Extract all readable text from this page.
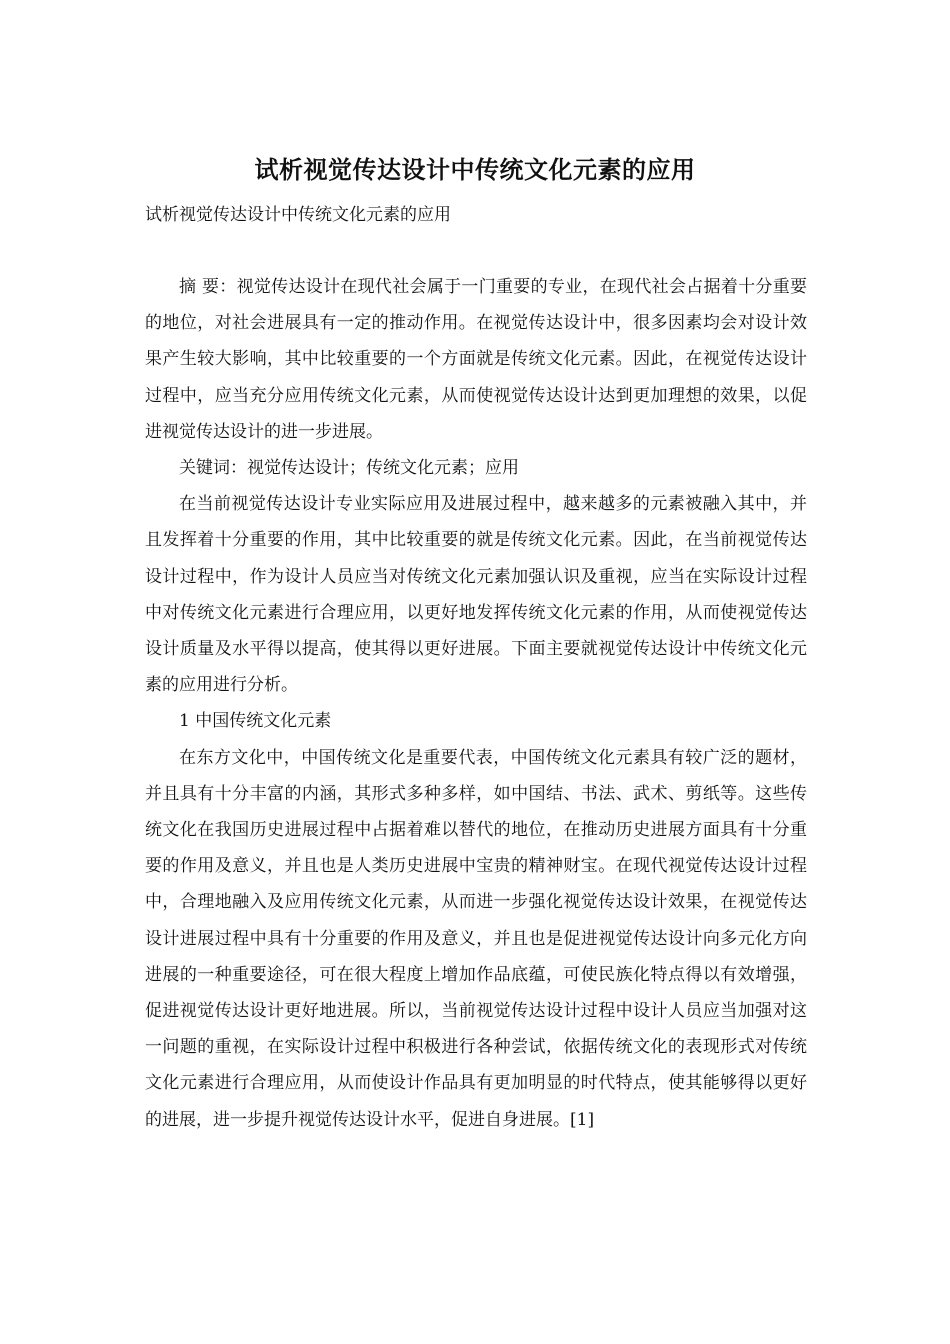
试析视觉传达设计中传统文化元素的应用
试析视觉传达设计中传统文化元素的应用

摘 要：视觉传达设计在现代社会属于一门重要的专业，在现代社会占据着十分重要的地位，对社会进展具有一定的推动作用。在视觉传达设计中，很多因素均会对设计效果产生较大影响，其中比较重要的一个方面就是传统文化元素。因此，在视觉传达设计过程中，应当充分应用传统文化元素，从而使视觉传达设计达到更加理想的效果，以促进视觉传达设计的进一步进展。

关键词：视觉传达设计；传统文化元素；应用

在当前视觉传达设计专业实际应用及进展过程中，越来越多的元素被融入其中，并且发挥着十分重要的作用，其中比较重要的就是传统文化元素。因此，在当前视觉传达设计过程中，作为设计人员应当对传统文化元素加强认识及重视，应当在实际设计过程中对传统文化元素进行合理应用，以更好地发挥传统文化元素的作用，从而使视觉传达设计质量及水平得以提高，使其得以更好进展。下面主要就视觉传达设计中传统文化元素的应用进行分析。

1 中国传统文化元素

在东方文化中，中国传统文化是重要代表，中国传统文化元素具有较广泛的题材，并且具有十分丰富的内涵，其形式多种多样，如中国结、书法、武术、剪纸等。这些传统文化在我国历史进展过程中占据着难以替代的地位，在推动历史进展方面具有十分重要的作用及意义，并且也是人类历史进展中宝贵的精神财宝。在现代视觉传达设计过程中，合理地融入及应用传统文化元素，从而进一步强化视觉传达设计效果，在视觉传达设计进展过程中具有十分重要的作用及意义，并且也是促进视觉传达设计向多元化方向进展的一种重要途径，可在很大程度上增加作品底蕴，可使民族化特点得以有效增强，促进视觉传达设计更好地进展。所以，当前视觉传达设计过程中设计人员应当加强对这一问题的重视，在实际设计过程中积极进行各种尝试，依据传统文化的表现形式对传统文化元素进行合理应用，从而使设计作品具有更加明显的时代特点，使其能够得以更好的进展，进一步提升视觉传达设计水平，促进自身进展。[1]
